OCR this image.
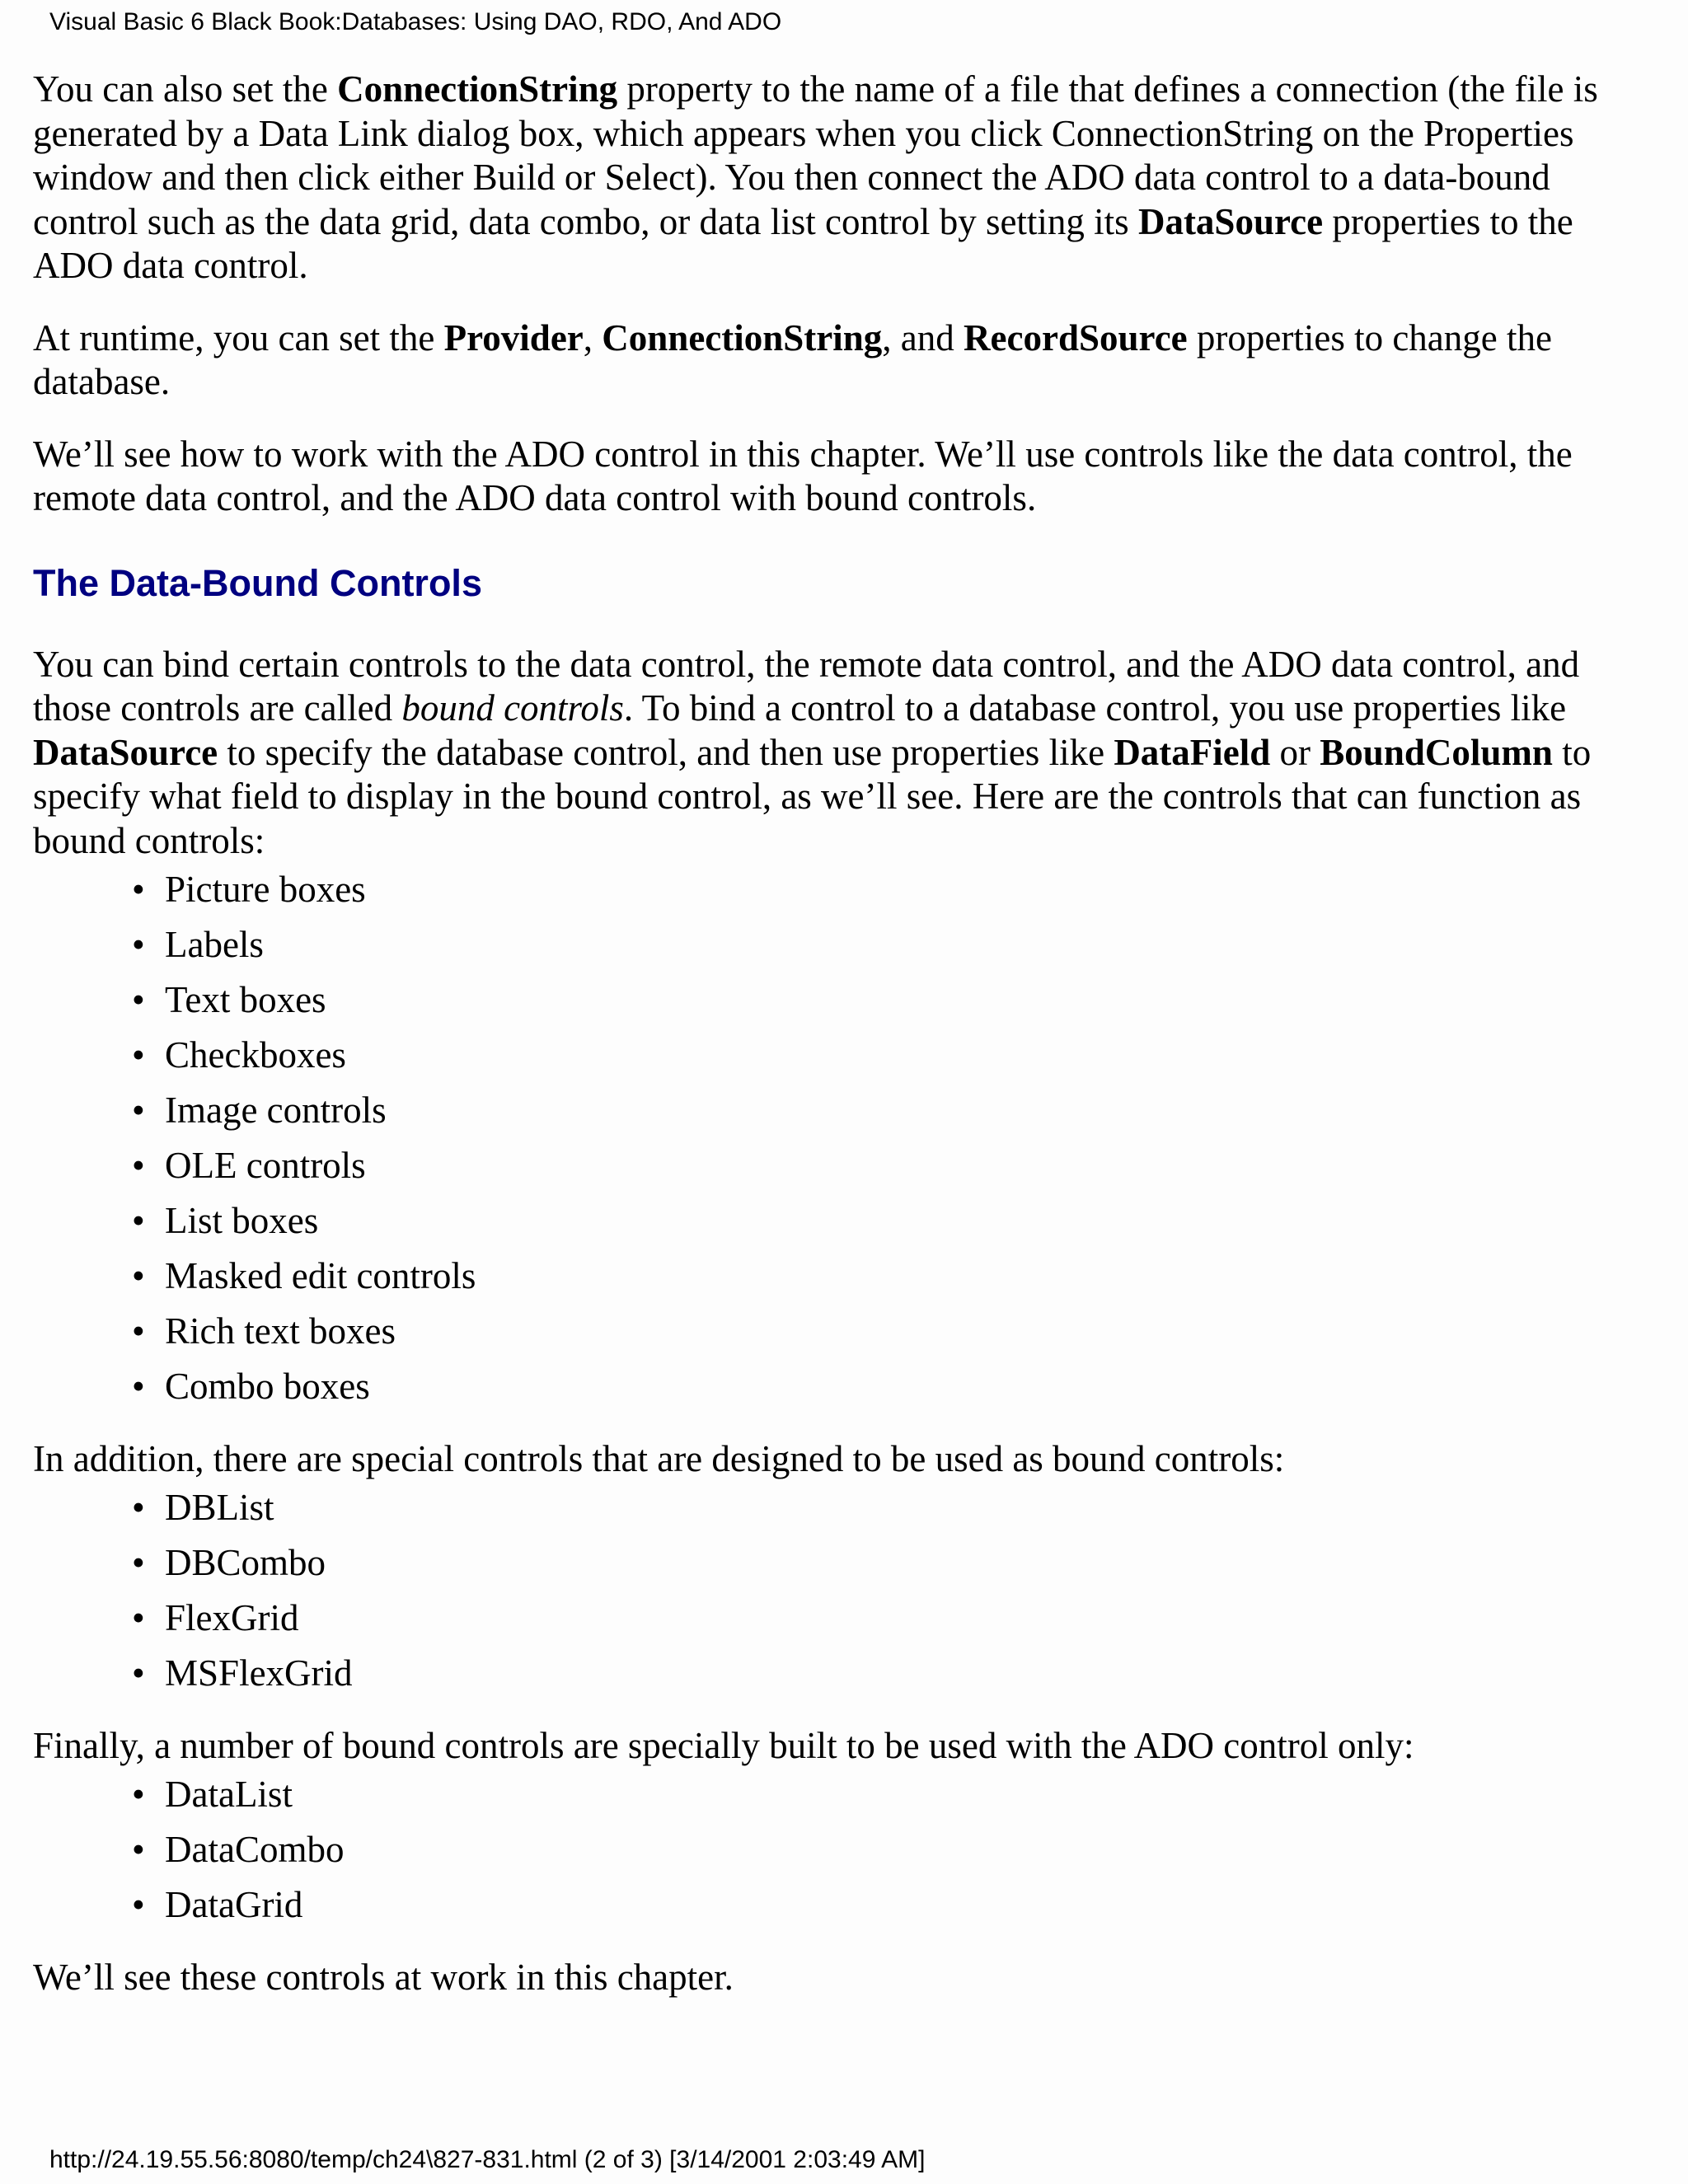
Visual Basic 6 Black Book:Databases: Using DAO, RDO, And ADO

You can also set the ConnectionString property to the name of a file that defines a connection (the file is generated by a Data Link dialog box, which appears when you click ConnectionString on the Properties window and then click either Build or Select). You then connect the ADO data control to a data-bound control such as the data grid, data combo, or data list control by setting its DataSource properties to the ADO data control.

At runtime, you can set the Provider, ConnectionString, and RecordSource properties to change the database.

We’ll see how to work with the ADO control in this chapter. We’ll use controls like the data control, the remote data control, and the ADO data control with bound controls.

The Data-Bound Controls

You can bind certain controls to the data control, the remote data control, and the ADO data control, and those controls are called bound controls. To bind a control to a database control, you use properties like DataSource to specify the database control, and then use properties like DataField or BoundColumn to specify what field to display in the bound control, as we’ll see. Here are the controls that can function as bound controls:

• Picture boxes
• Labels
• Text boxes
• Checkboxes
• Image controls
• OLE controls
• List boxes
• Masked edit controls
• Rich text boxes
• Combo boxes

In addition, there are special controls that are designed to be used as bound controls:

• DBList
• DBCombo
• FlexGrid
• MSFlexGrid

Finally, a number of bound controls are specially built to be used with the ADO control only:

• DataList
• DataCombo
• DataGrid

We’ll see these controls at work in this chapter.

http://24.19.55.56:8080/temp/ch24\827-831.html (2 of 3) [3/14/2001 2:03:49 AM]
